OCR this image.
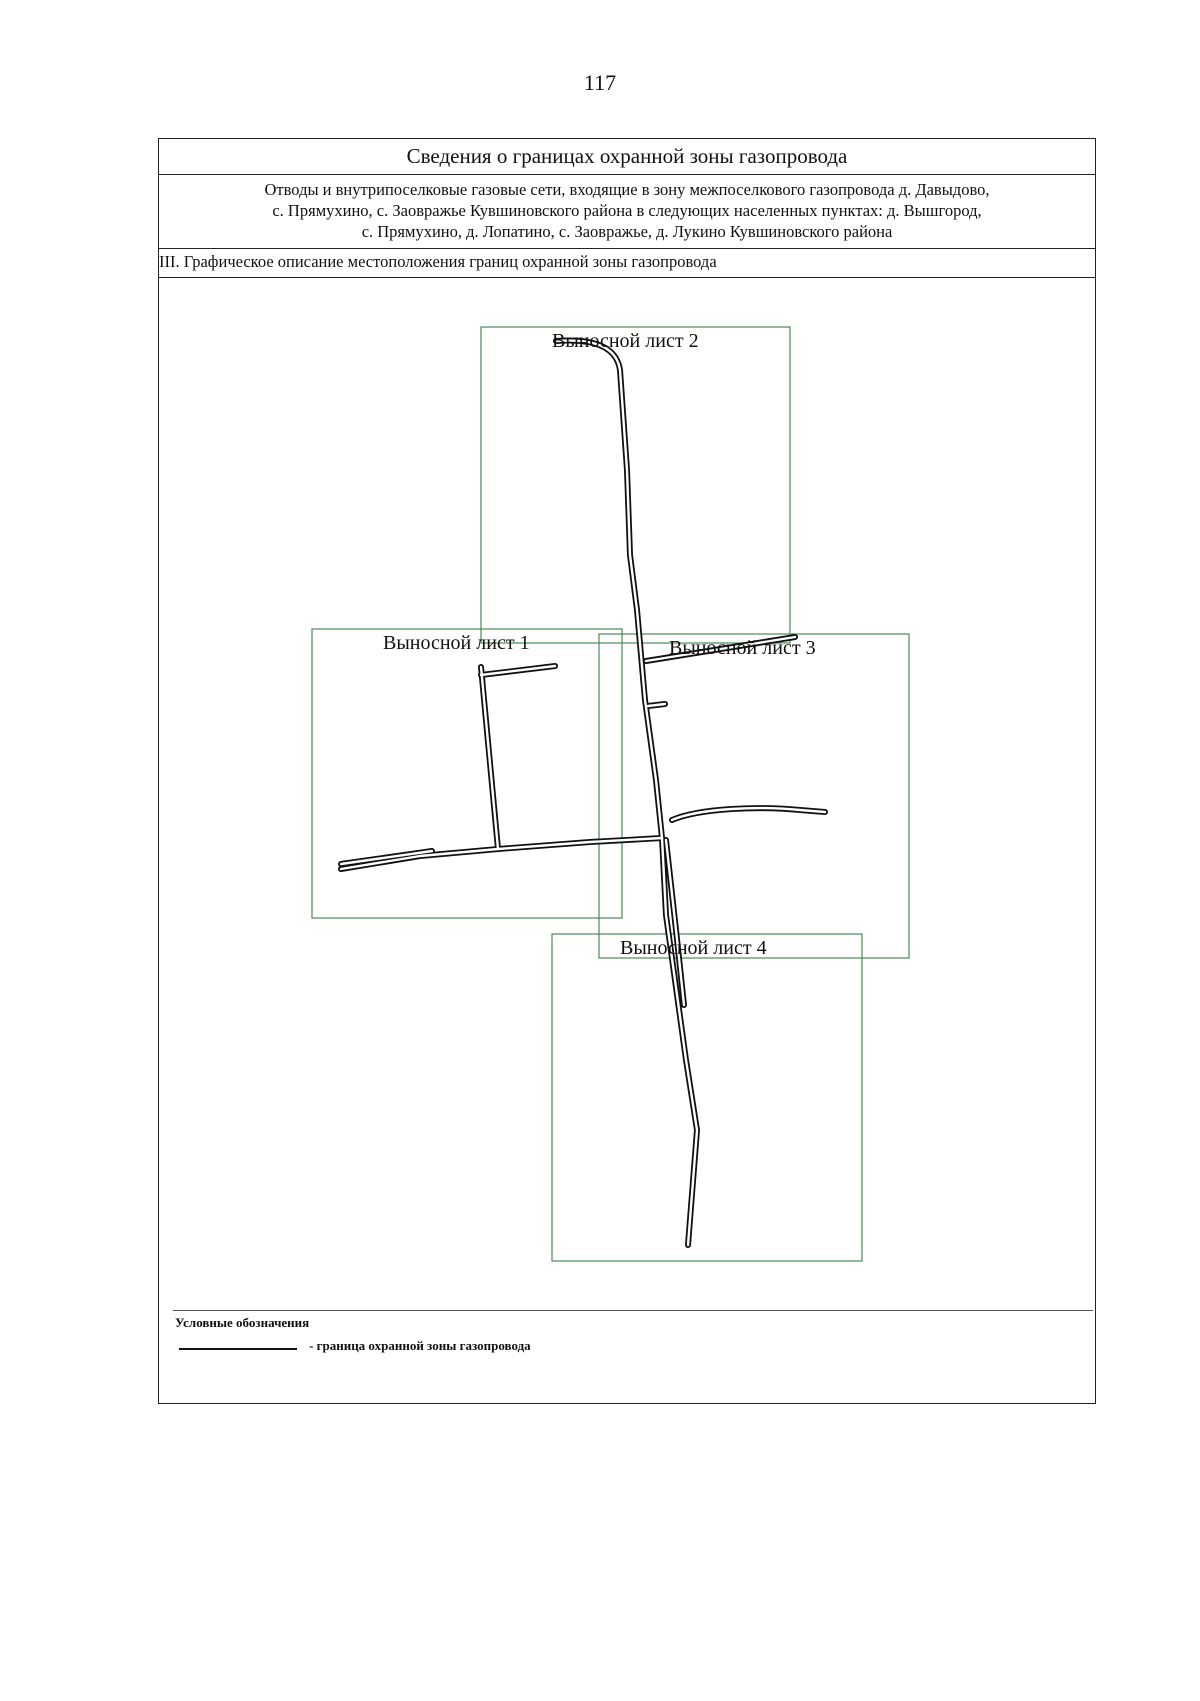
117
Сведения о границах охранной зоны газопровода
Отводы и внутрипоселковые газовые сети, входящие в зону межпоселкового газопровода д. Давыдово,
с. Прямухино, с. Заовражье Кувшиновского района в следующих населенных пунктах: д. Вышгород,
с. Прямухино, д. Лопатино, с. Заовражье, д. Лукино Кувшиновского района
III. Графическое описание местоположения границ охранной зоны газопровода
Условные обозначения
- граница охранной зоны газопровода
Выносной лист 2
Выносной лист 1	Выносной лист 3
Выносной лист 4
